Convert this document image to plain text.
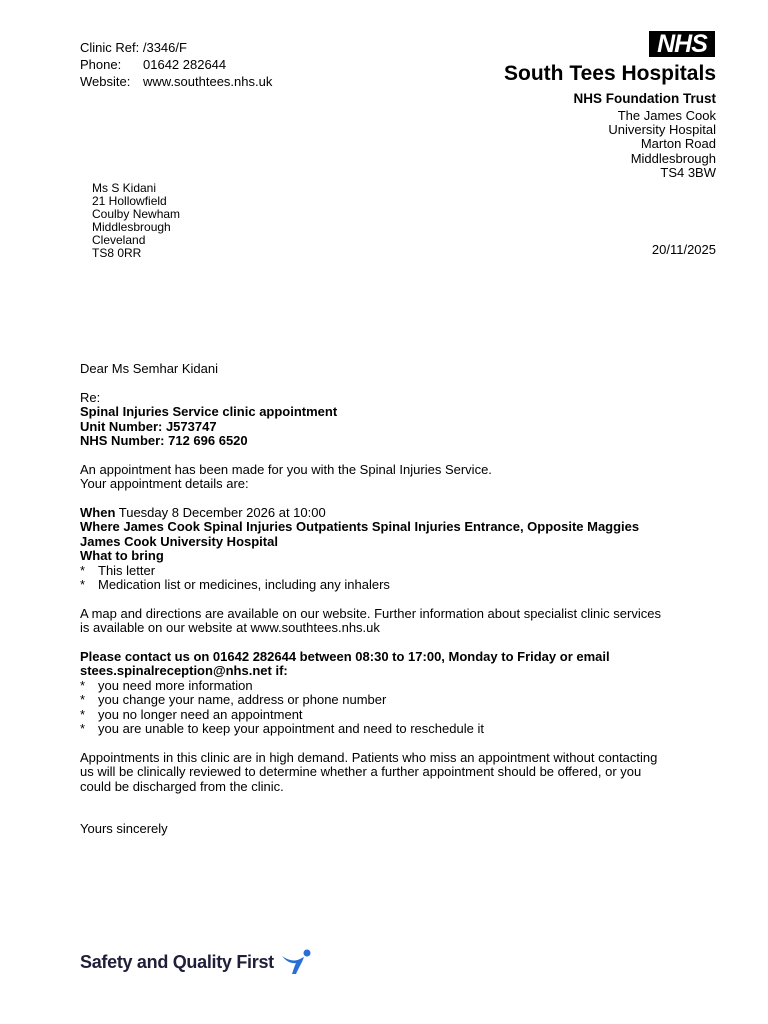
Clinic Ref: /3346/F
Phone:	01642 282644
Website: www.southtees.nhs.uk
NHS
South Tees Hospitals
NHS Foundation Trust
The James Cook
University Hospital
Marton Road
Middlesbrough
TS4 3BW
Ms S Kidani
21 Hollowfield
Coulby Newham
Middlesbrough
Cleveland
TS8 0RR	20/11/2025

Dear Ms Semhar Kidani

Re:

Spinal Injuries Service clinic appointment

Unit Number: J573747

NHS Number: 712 696 6520

An appointment has been made for you with the Spinal Injuries Service.

Your appointment details are:

When Tuesday 8 December 2026 at 10:00

Where James Cook Spinal Injuries Outpatients Spinal Injuries Entrance, Opposite Maggies

James Cook University Hospital

What to bring

* This letter
* Medication list or medicines, including any inhalers

A map and directions are available on our website. Further information about specialist clinic services

is available on our website at www.southtees.nhs.uk

Please contact us on 01642 282644 between 08:30 to 17:00, Monday to Friday or email

stees.spinalreception@nhs.net if:

* you need more information
* you change your name, address or phone number
* you no longer need an appointment
* you are unable to keep your appointment and need to reschedule it

Appointments in this clinic are in high demand. Patients who miss an appointment without contacting

us will be clinically reviewed to determine whether a further appointment should be offered, or you

could be discharged from the clinic.

Yours sincerely

Safety and Quality First
